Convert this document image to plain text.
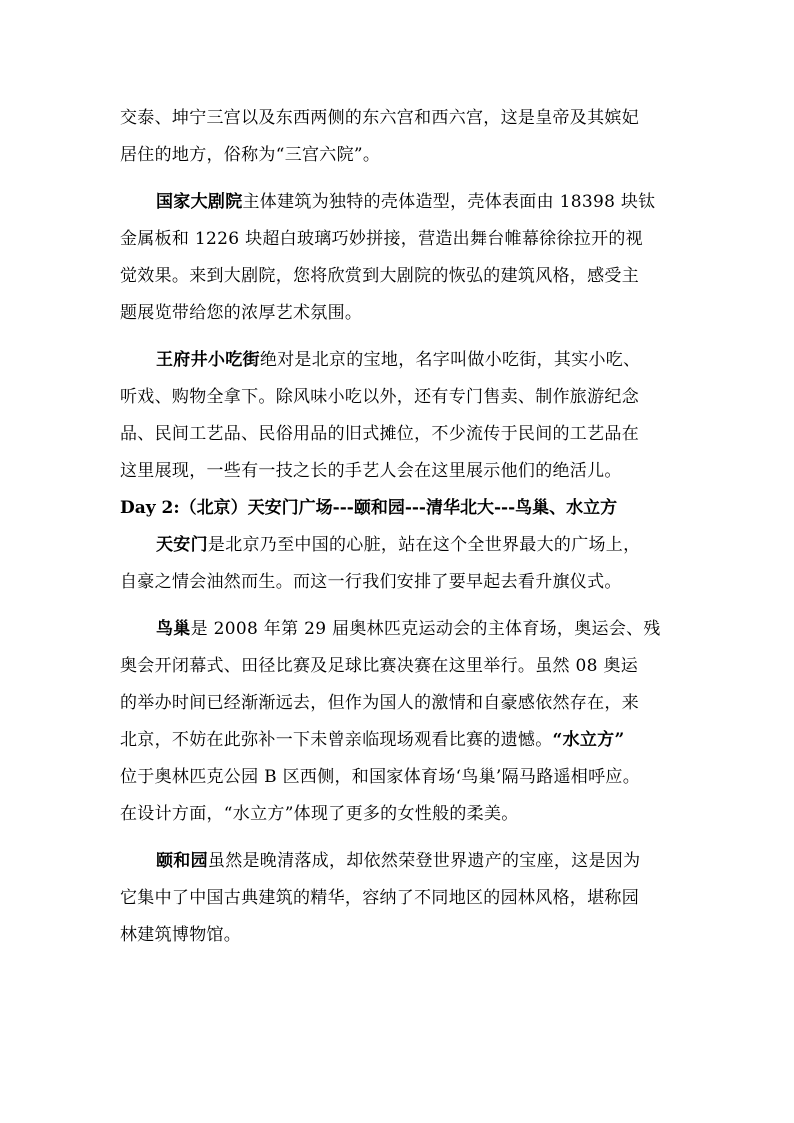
交泰、坤宁三宫以及东西两侧的东六宫和西六宫，这是皇帝及其嫔妃
居住的地方，俗称为“三宫六院”。
国家大剧院主体建筑为独特的壳体造型，壳体表面由 18398 块钛
金属板和 1226 块超白玻璃巧妙拼接，营造出舞台帷幕徐徐拉开的视
觉效果。来到大剧院，您将欣赏到大剧院的恢弘的建筑风格，感受主
题展览带给您的浓厚艺术氛围。
王府井小吃街绝对是北京的宝地，名字叫做小吃街，其实小吃、
听戏、购物全拿下。除风味小吃以外，还有专门售卖、制作旅游纪念
品、民间工艺品、民俗用品的旧式摊位，不少流传于民间的工艺品在
这里展现，一些有一技之长的手艺人会在这里展示他们的绝活儿。
Day 2:（北京）天安门广场---颐和园---清华北大---鸟巢、水立方
天安门是北京乃至中国的心脏，站在这个全世界最大的广场上，
自豪之情会油然而生。而这一行我们安排了要早起去看升旗仪式。
鸟巢是 2008 年第 29 届奥林匹克运动会的主体育场，奥运会、残
奥会开闭幕式、田径比赛及足球比赛决赛在这里举行。虽然 08 奥运
的举办时间已经渐渐远去，但作为国人的激情和自豪感依然存在，来
北京，不妨在此弥补一下未曾亲临现场观看比赛的遗憾。“水立方”
位于奥林匹克公园 B 区西侧，和国家体育场‘鸟巢’隔马路遥相呼应。
在设计方面，“水立方”体现了更多的女性般的柔美。
颐和园虽然是晚清落成，却依然荣登世界遗产的宝座，这是因为
它集中了中国古典建筑的精华，容纳了不同地区的园林风格，堪称园
林建筑博物馆。
